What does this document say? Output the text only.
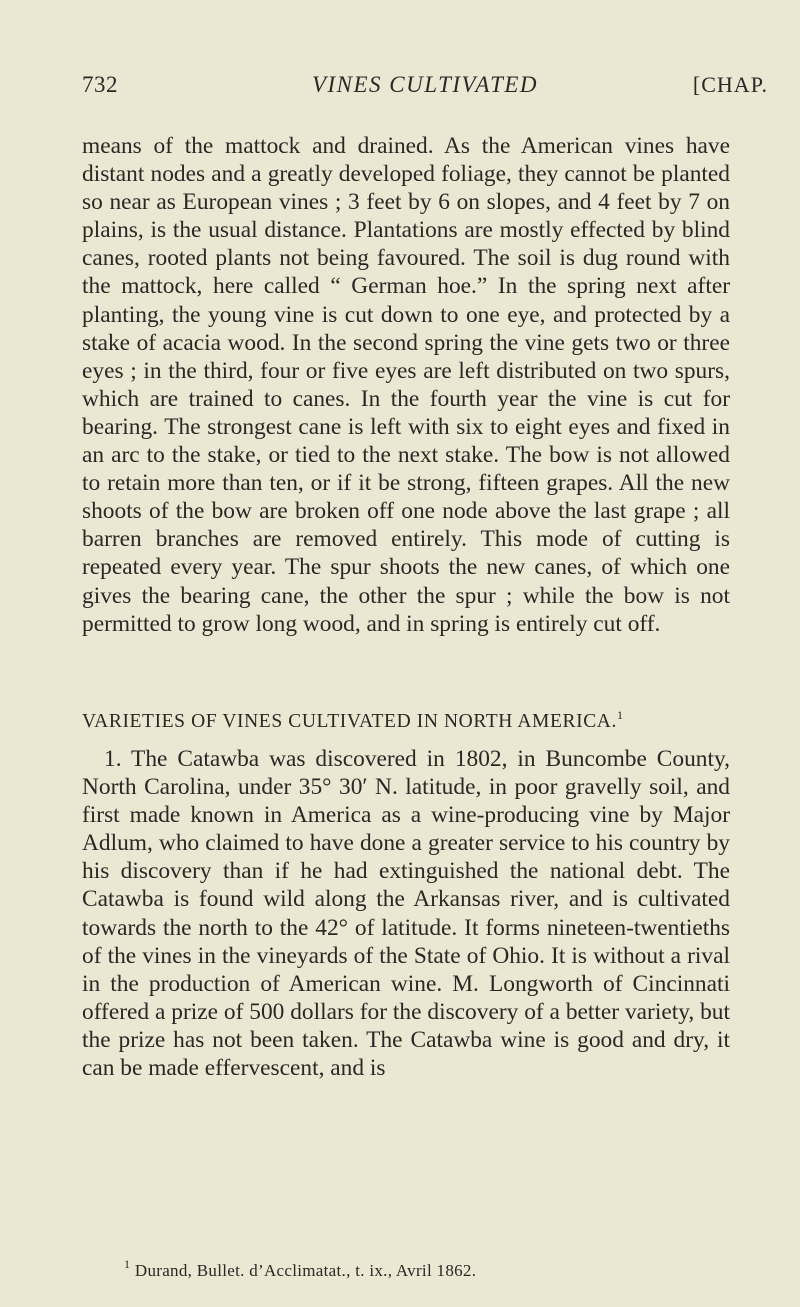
732	VINES CULTIVATED	[CHAP.

means of the mattock and drained. As the American vines have distant nodes and a greatly developed foliage, they cannot be planted so near as European vines ; 3 feet by 6 on slopes, and 4 feet by 7 on plains, is the usual distance. Plantations are mostly effected by blind canes, rooted plants not being favoured. The soil is dug round with the mattock, here called “ German hoe.” In the spring next after planting, the young vine is cut down to one eye, and protected by a stake of acacia wood. In the second spring the vine gets two or three eyes ; in the third, four or five eyes are left distributed on two spurs, which are trained to canes. In the fourth year the vine is cut for bearing. The strongest cane is left with six to eight eyes and fixed in an arc to the stake, or tied to the next stake. The bow is not allowed to retain more than ten, or if it be strong, fifteen grapes. All the new shoots of the bow are broken off one node above the last grape ; all barren branches are removed entirely. This mode of cutting is repeated every year. The spur shoots the new canes, of which one gives the bearing cane, the other the spur ; while the bow is not permitted to grow long wood, and in spring is entirely cut off.

VARIETIES OF VINES CULTIVATED IN NORTH AMERICA.$^1$

1. The Catawba was discovered in 1802, in Buncombe County, North Carolina, under 35° 30′ N. latitude, in poor gravelly soil, and first made known in America as a wine-producing vine by Major Adlum, who claimed to have done a greater service to his country by his discovery than if he had extinguished the national debt. The Catawba is found wild along the Arkansas river, and is cultivated towards the north to the 42° of latitude. It forms nineteen-twentieths of the vines in the vineyards of the State of Ohio. It is without a rival in the production of American wine. M. Longworth of Cincinnati offered a prize of 500 dollars for the discovery of a better variety, but the prize has not been taken. The Catawba wine is good and dry, it can be made effervescent, and is

$^1$ Durand, Bullet. d’Acclimatat., t. ix., Avril 1862.
